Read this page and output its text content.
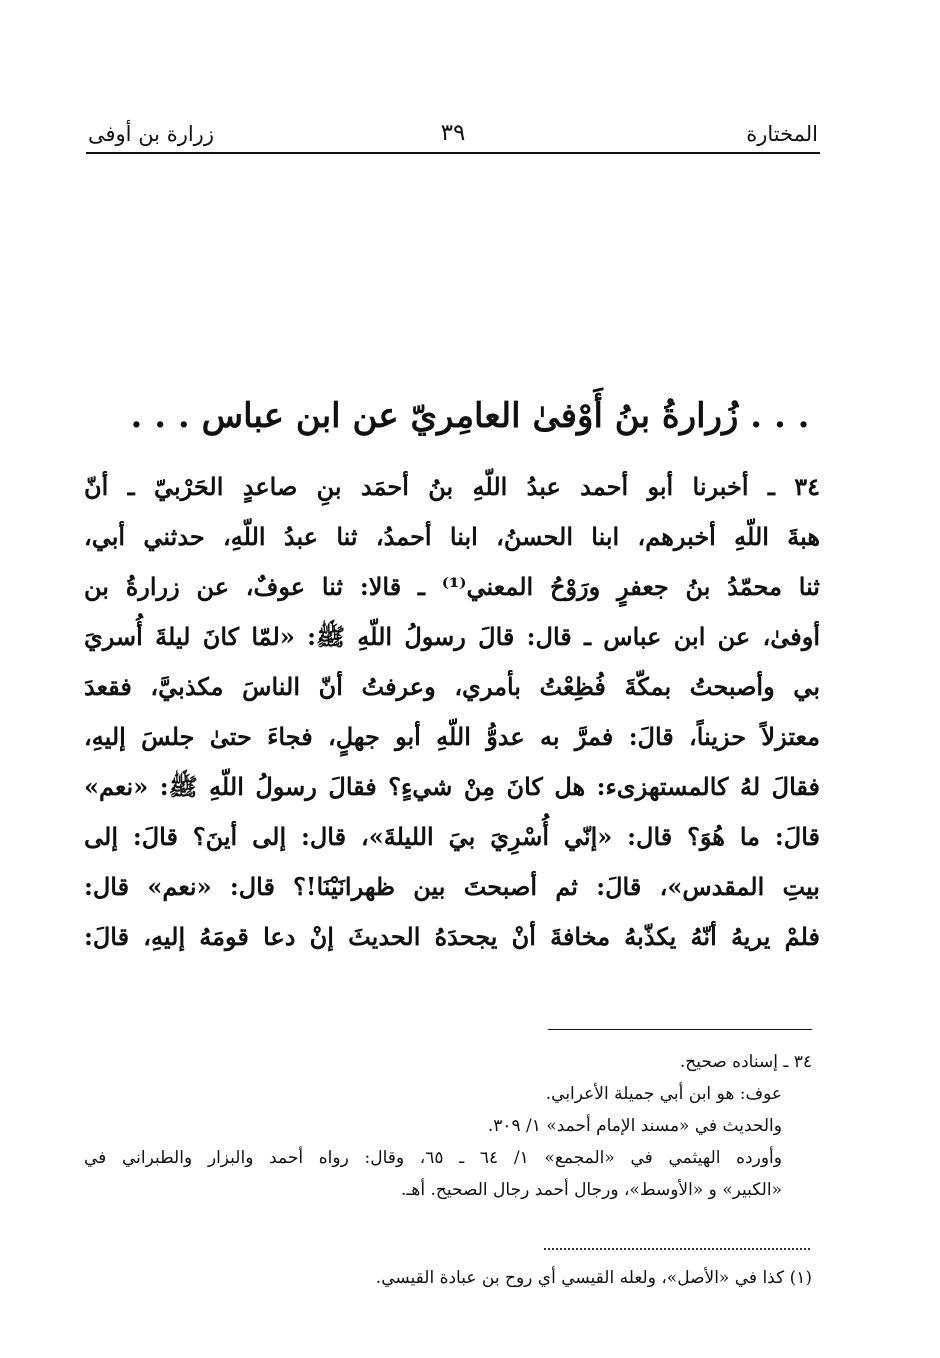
المختارة
٣٩
زرارة بن أوفى
. . . زُرارةُ بنُ أَوْفىٰ العامِريّ عن ابن عباس . . .
٣٤ ـ أخبرنا أبو أحمد عبدُ اللّهِ بنُ أحمَد بنِ صاعدٍ الحَرْبيّ ـ أنّ
هبةَ اللّهِ أخبرهم، ابنا الحسنُ، ابنا أحمدُ، ثنا عبدُ اللّهِ، حدثني أبي،
ثنا محمّدُ بنُ جعفرٍ ورَوْحُ المعني⁽¹⁾ ـ قالا: ثنا عوفٌ، عن زرارةُ بن
أوفىٰ، عن ابن عباس ـ قال: قالَ رسولُ اللّهِ ﷺ: «لمّا كانَ ليلةَ أُسريَ
بي وأصبحتُ بمكّةَ فُظِعْتُ بأمري، وعرفتُ أنّ الناسَ مكذبيَّ، فقعدَ
معتزلاً حزيناً، قالَ: فمرَّ به عدوُّ اللّهِ أبو جهلٍ، فجاءَ حتىٰ جلسَ إليهِ،
فقالَ لهُ كالمستهزىء: هل كانَ مِنْ شيءٍ؟ فقالَ رسولُ اللّهِ ﷺ: «نعم»
قالَ: ما هُوَ؟ قال: «إنّي أُسْرِيَ بيَ الليلةَ»، قال: إلى أينَ؟ قالَ: إلى
بيتِ المقدس»، قالَ: ثم أصبحتَ بين ظهرانَيْنَا!؟ قال: «نعم» قال:
فلمْ يريهُ أنّهُ يكذّبهُ مخافةَ أنْ يجحدَهُ الحديثَ إنْ دعا قومَهُ إليهِ، قالَ:
٣٤ ـ إسناده صحيح.
عوف: هو ابن أبي جميلة الأعرابي.
والحديث في «مسند الإمام أحمد» ١/ ٣٠٩.
وأورده الهيثمي في «المجمع» ١/ ٦٤ ـ ٦٥، وقال: رواه أحمد والبزار والطبراني في
«الكبير» و «الأوسط»، ورجال أحمد رجال الصحيح. أهـ.
(١) كذا في «الأصل»، ولعله القيسي أي روح بن عبادة القيسي.
